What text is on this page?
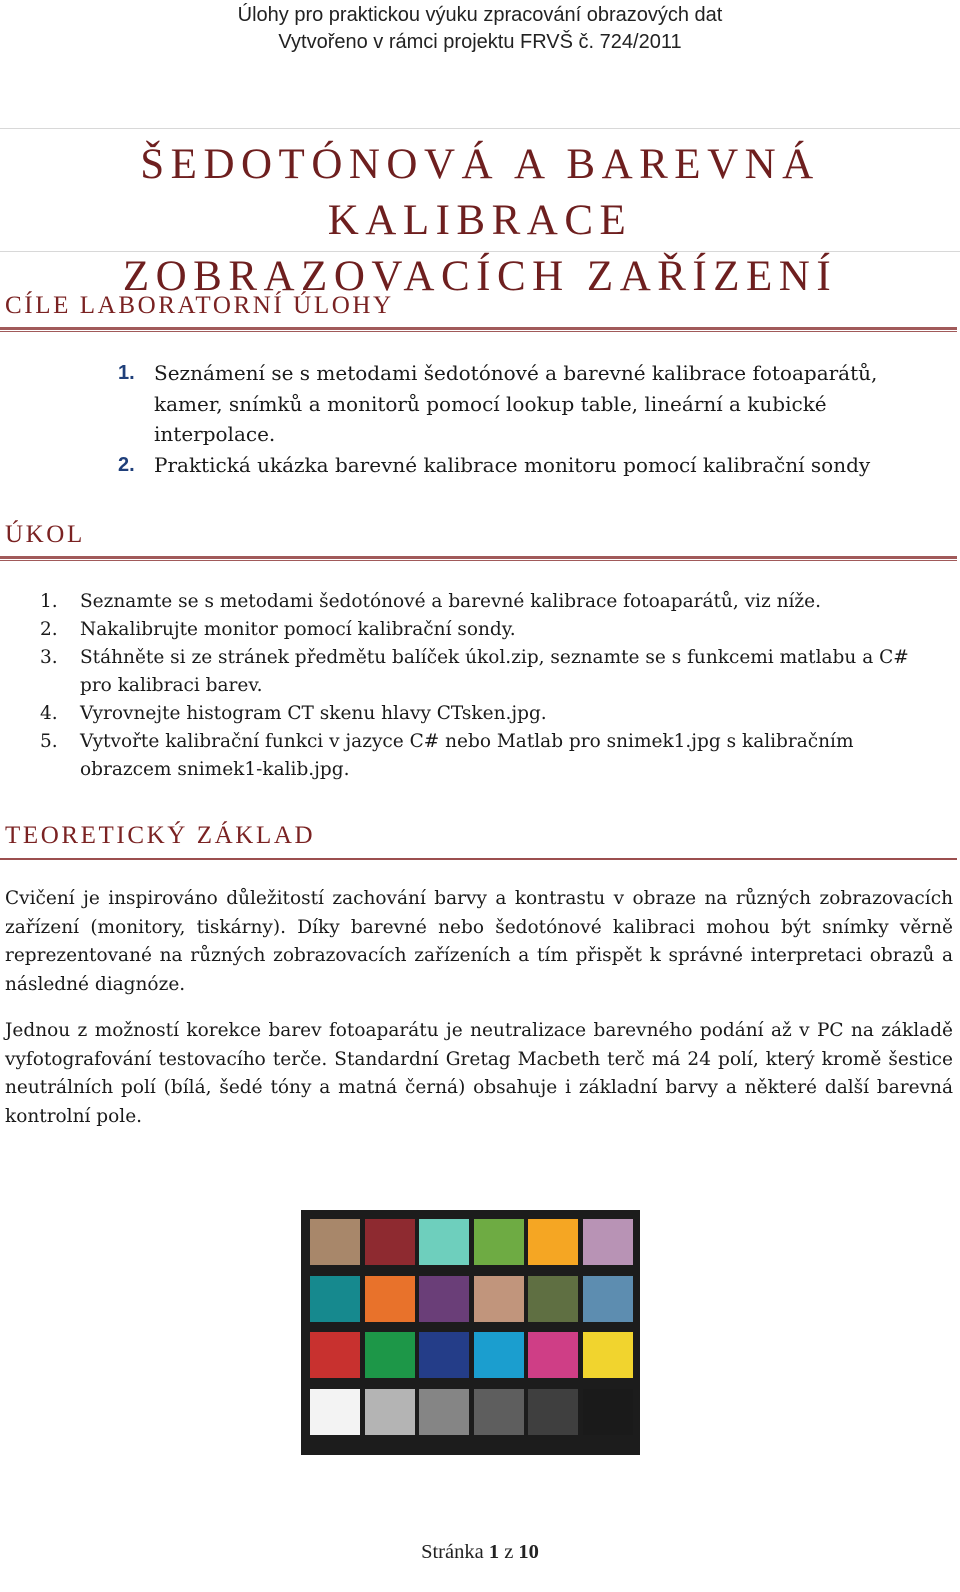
Úlohy pro praktickou výuku zpracování obrazových dat
Vytvořeno v rámci projektu FRVŠ č. 724/2011
ŠEDOTÓNOVÁ A BAREVNÁ KALIBRACE
ZOBRAZOVACÍCH ZAŘÍZENÍ
CÍLE LABORATORNÍ ÚLOHY
1. Seznámení se s metodami šedotónové a barevné kalibrace fotoaparátů, kamer, snímků a monitorů pomocí lookup table, lineární a kubické interpolace.
2. Praktická ukázka barevné kalibrace monitoru pomocí kalibrační sondy
ÚKOL
1. Seznamte se s metodami šedotónové a barevné kalibrace fotoaparátů, viz níže.
2. Nakalibrujte monitor pomocí kalibrační sondy.
3. Stáhněte si ze stránek předmětu balíček úkol.zip, seznamte se s funkcemi matlabu a C# pro kalibraci barev.
4. Vyrovnejte histogram CT skenu hlavy CTsken.jpg.
5. Vytvořte kalibrační funkci v jazyce C# nebo Matlab pro snimek1.jpg s kalibračním obrazcem snimek1-kalib.jpg.
TEORETICKÝ ZÁKLAD

Cvičení je inspirováno důležitostí zachování barvy a kontrastu v obraze na různých zobrazovacích zařízení (monitory, tiskárny). Díky barevné nebo šedotónové kalibraci mohou být snímky věrně reprezentované na různých zobrazovacích zařízeních a tím přispět k správné interpretaci obrazů a následné diagnóze.

Jednou z možností korekce barev fotoaparátu je neutralizace barevného podání až v PC na základě vyfotografování testovacího terče. Standardní Gretag Macbeth terč má 24 polí, který kromě šestice neutrálních polí (bílá, šedé tóny a matná černá) obsahuje i základní barvy a některé další barevná kontrolní pole.

Stránka 1 z 10
